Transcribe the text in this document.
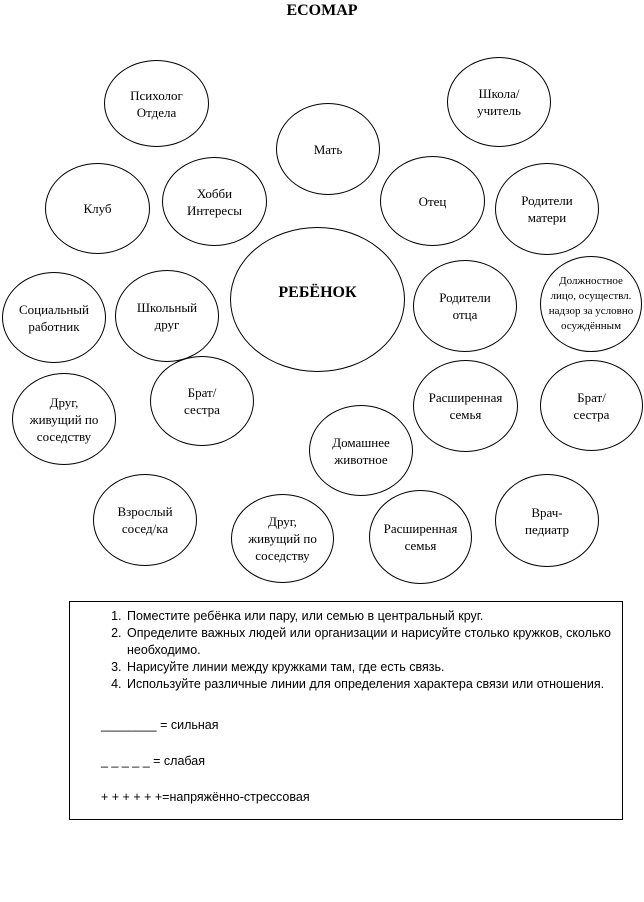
ЕСОМАР
РЕБЁНОК
Психолог
Отдела
Школа/
учитель
Мать
Клуб
Хобби
Интересы
Отец	Родители
матери
Социальный
работник
Школьный
друг
Родители
отца
Должностное
лицо, осуществл.
надзор за условно
осуждённым
Друг,
живущий по
соседству
Брат/
сестра
Домашнее
животное
Расширенная
семья
Брат/
сестра
Взрослый
сосед/ка	Друг,
живущий по
соседству
Расширенная
семья
Врач-
педиатр
1. Поместите ребёнка или пару, или семью в центральный круг.
2. Определите важных людей или организации и нарисуйте столько кружков, сколько необходимо.
3. Нарисуйте линии между кружками там, где есть связь.
4. Используйте различные линии для определения характера связи или отношения.
________ = сильная
_ _ _ _ _ = слабая
+ + + + + +=напряжённо-стрессовая
